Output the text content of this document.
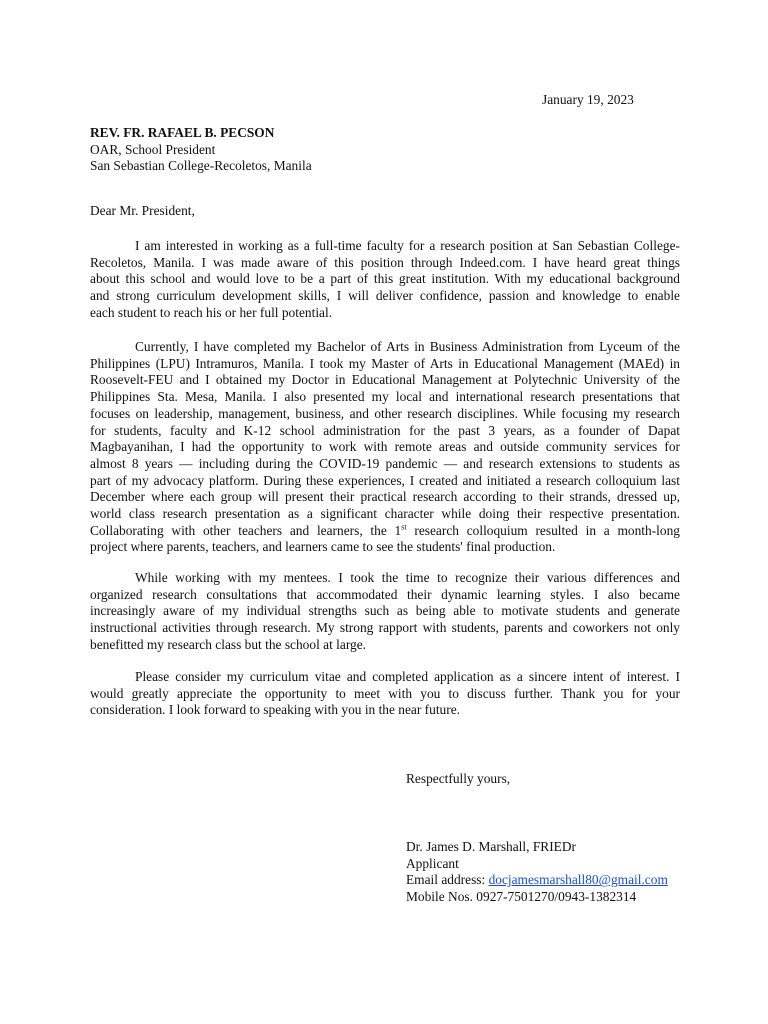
January 19, 2023
REV. FR. RAFAEL B. PECSON
OAR, School President
San Sebastian College-Recoletos, Manila
Dear Mr. President,
I am interested in working as a full-time faculty for a research position at San Sebastian College-
Recoletos, Manila. I was made aware of this position through Indeed.com. I have heard great things
about this school and would love to be a part of this great institution. With my educational background
and strong curriculum development skills, I will deliver confidence, passion and knowledge to enable
each student to reach his or her full potential.
Currently, I have completed my Bachelor of Arts in Business Administration from Lyceum of the
Philippines (LPU) Intramuros, Manila. I took my Master of Arts in Educational Management (MAEd) in
Roosevelt-FEU and I obtained my Doctor in Educational Management at Polytechnic University of the
Philippines Sta. Mesa, Manila. I also presented my local and international research presentations that
focuses on leadership, management, business, and other research disciplines. While focusing my research
for students, faculty and K-12 school administration for the past 3 years, as a founder of Dapat
Magbayanihan, I had the opportunity to work with remote areas and outside community services for
almost 8 years — including during the COVID-19 pandemic — and research extensions to students as
part of my advocacy platform. During these experiences, I created and initiated a research colloquium last
December where each group will present their practical research according to their strands, dressed up,
world class research presentation as a significant character while doing their respective presentation.
Collaborating with other teachers and learners, the 1st research colloquium resulted in a month-long
project where parents, teachers, and learners came to see the students' final production.
While working with my mentees. I took the time to recognize their various differences and
organized research consultations that accommodated their dynamic learning styles. I also became
increasingly aware of my individual strengths such as being able to motivate students and generate
instructional activities through research. My strong rapport with students, parents and coworkers not only
benefitted my research class but the school at large.
Please consider my curriculum vitae and completed application as a sincere intent of interest. I
would greatly appreciate the opportunity to meet with you to discuss further. Thank you for your
consideration. I look forward to speaking with you in the near future.
Respectfully yours,
Dr. James D. Marshall, FRIEDr
Applicant
Email address: docjamesmarshall80@gmail.com
Mobile Nos. 0927-7501270/0943-1382314
